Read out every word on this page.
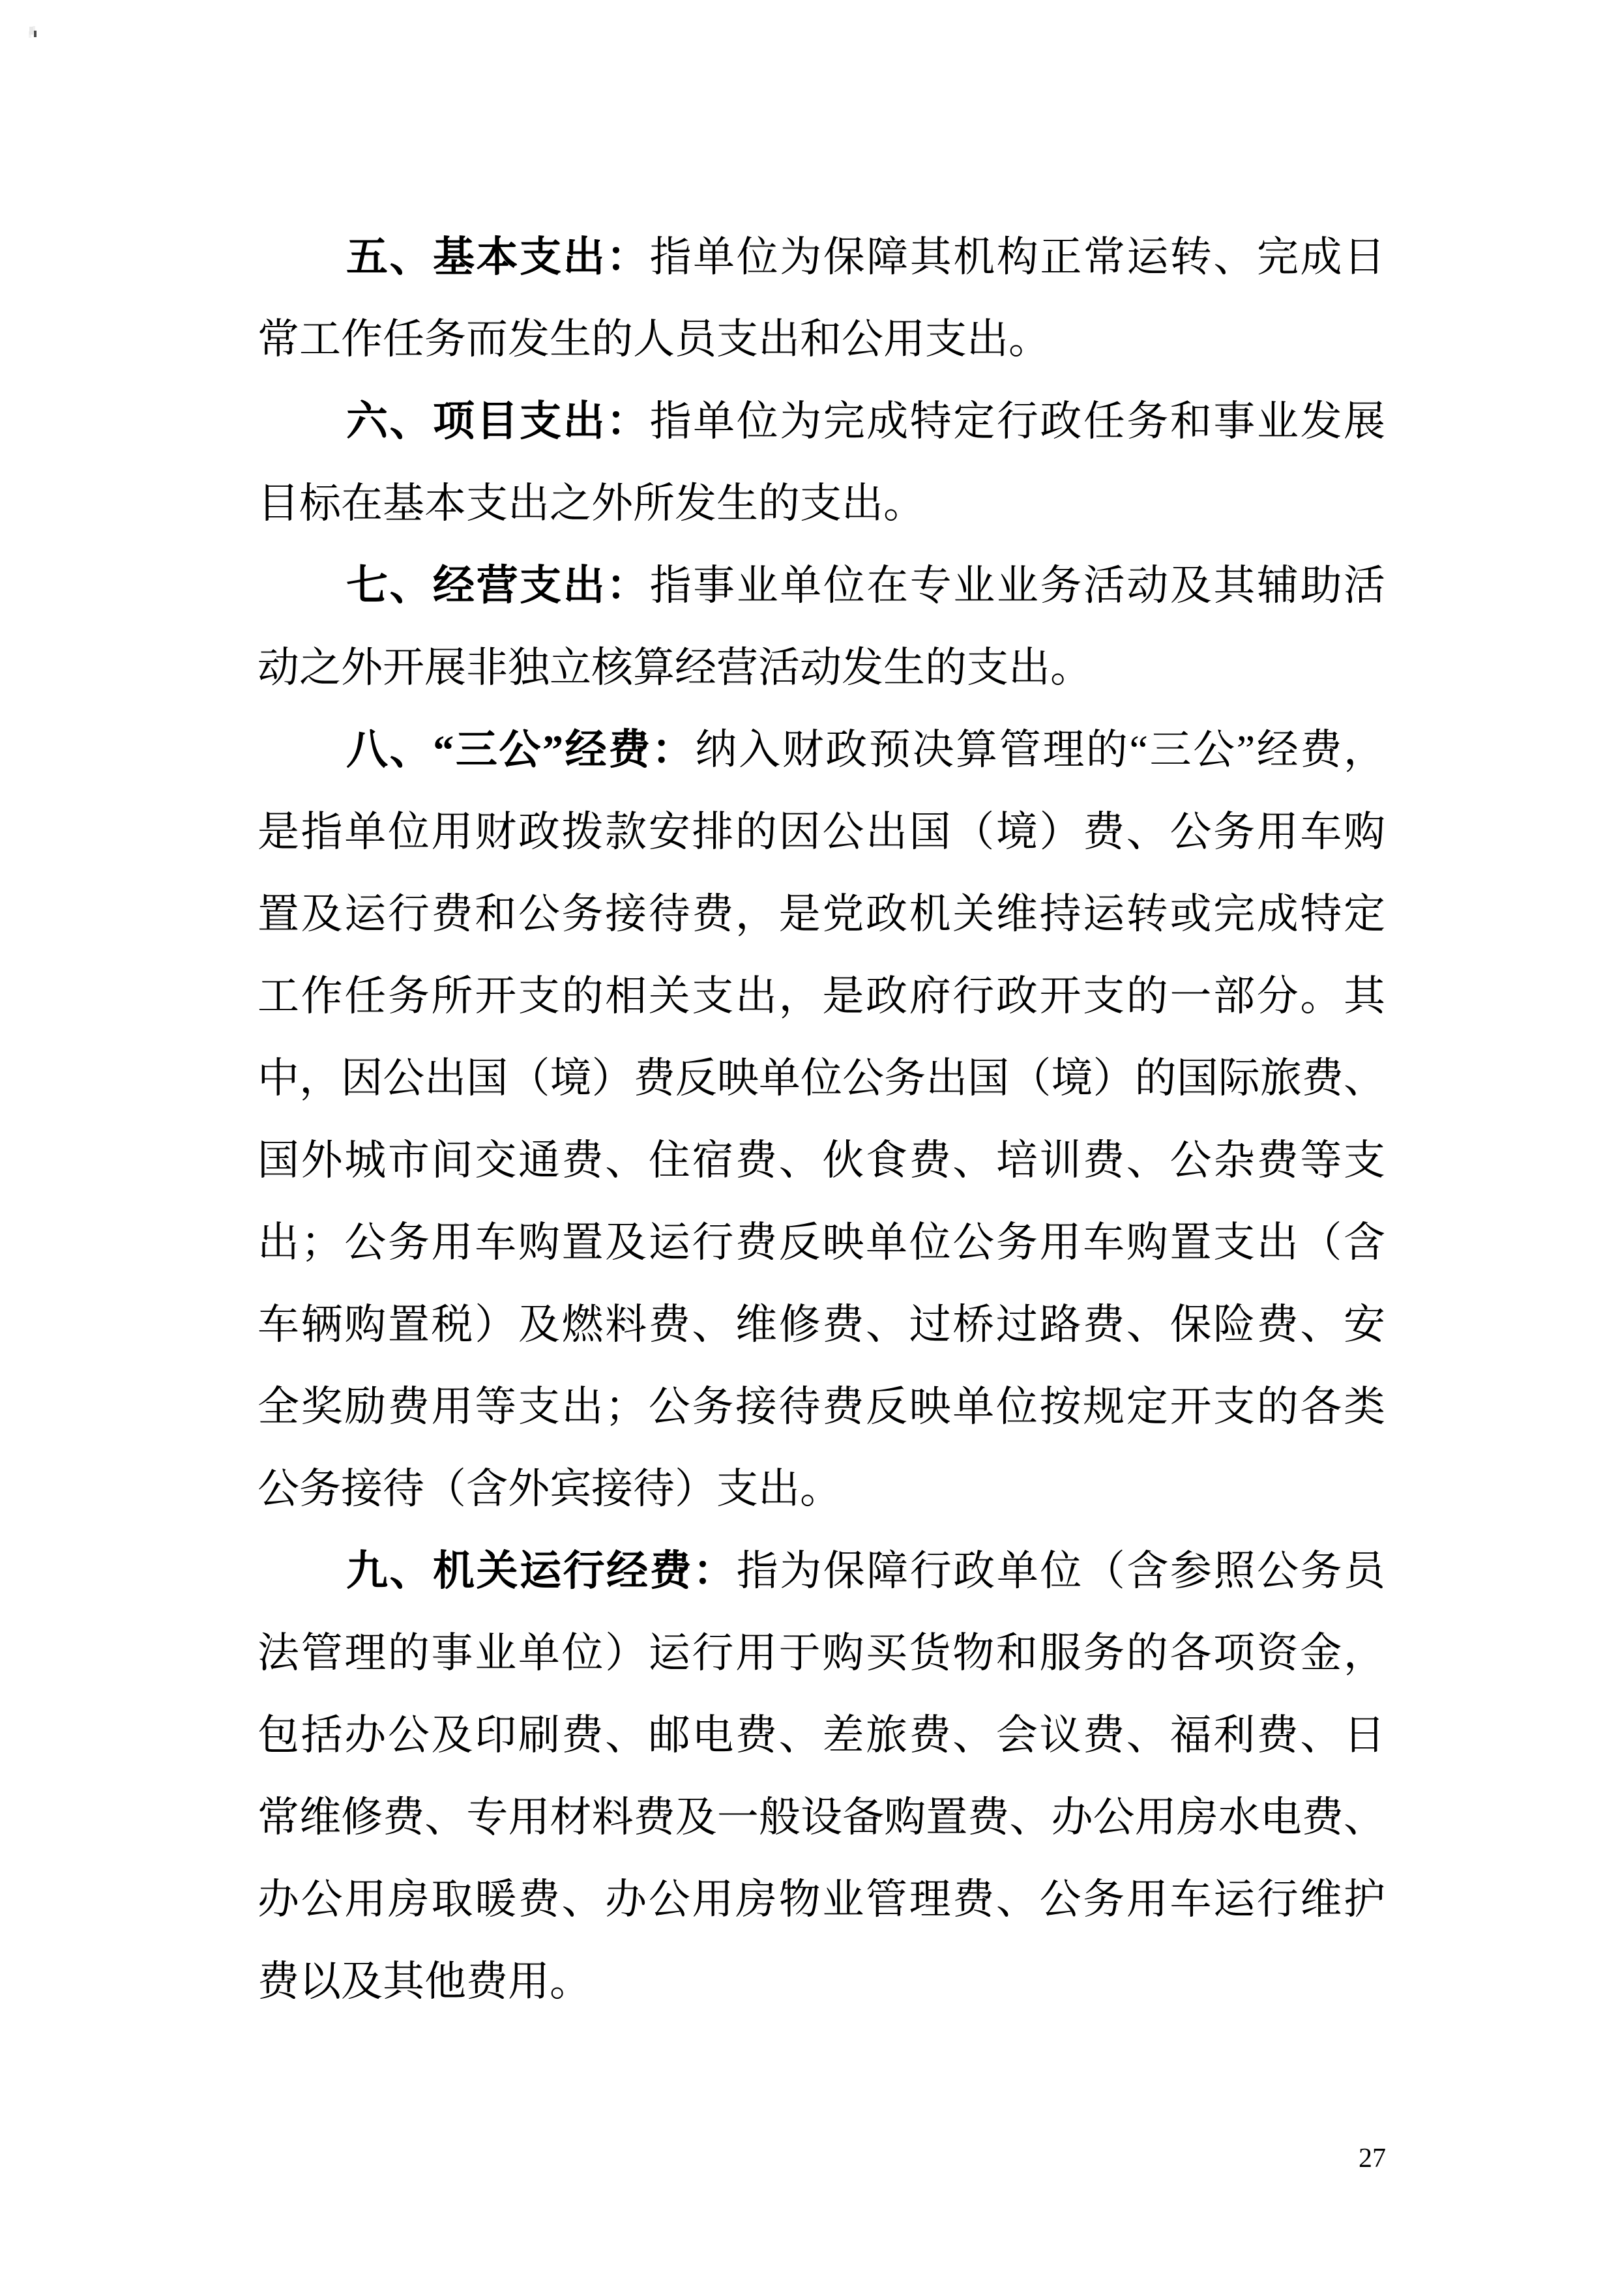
五、基本支出：指单位为保障其机构正常运转、完成日
常工作任务而发生的人员支出和公用支出。
六、项目支出：指单位为完成特定行政任务和事业发展
目标在基本支出之外所发生的支出。
七、经营支出：指事业单位在专业业务活动及其辅助活
动之外开展非独立核算经营活动发生的支出。
八、“三公”经费：纳入财政预决算管理的“三公”经费，
是指单位用财政拨款安排的因公出国（境）费、公务用车购
置及运行费和公务接待费，是党政机关维持运转或完成特定
工作任务所开支的相关支出，是政府行政开支的一部分。其
中，因公出国（境）费反映单位公务出国（境）的国际旅费、
国外城市间交通费、住宿费、伙食费、培训费、公杂费等支
出；公务用车购置及运行费反映单位公务用车购置支出（含
车辆购置税）及燃料费、维修费、过桥过路费、保险费、安
全奖励费用等支出；公务接待费反映单位按规定开支的各类
公务接待（含外宾接待）支出。
九、机关运行经费：指为保障行政单位（含参照公务员
法管理的事业单位）运行用于购买货物和服务的各项资金，
包括办公及印刷费、邮电费、差旅费、会议费、福利费、日
常维修费、专用材料费及一般设备购置费、办公用房水电费、
办公用房取暖费、办公用房物业管理费、公务用车运行维护
费以及其他费用。
27
